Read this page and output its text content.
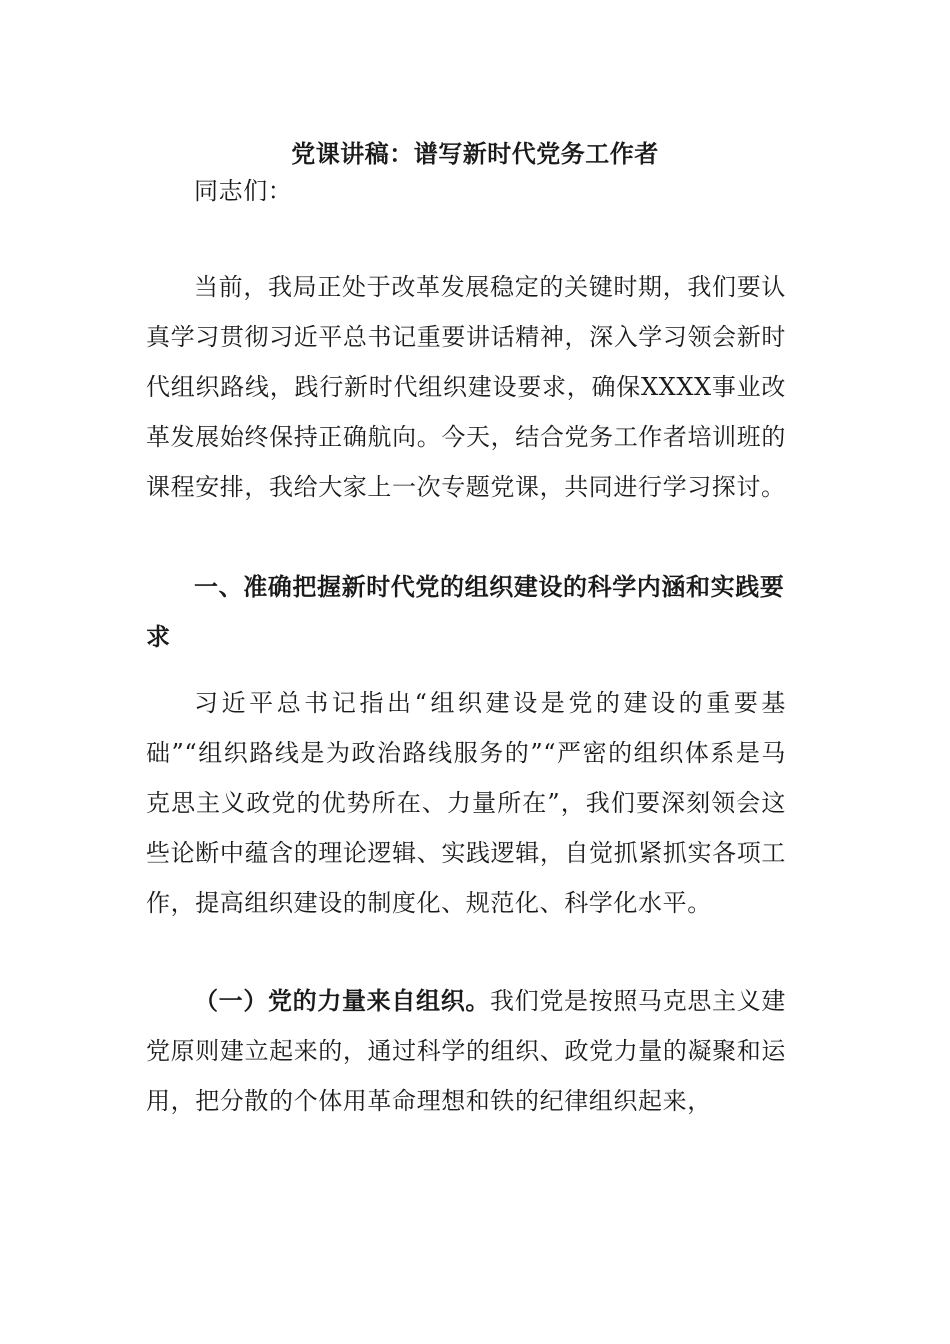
党课讲稿：谱写新时代党务工作者

同志们：

当前，我局正处于改革发展稳定的关键时期，我们要认真学习贯彻习近平总书记重要讲话精神，深入学习领会新时代组织路线，践行新时代组织建设要求，确保XXXX事业改革发展始终保持正确航向。今天，结合党务工作者培训班的课程安排，我给大家上一次专题党课，共同进行学习探讨。

一、准确把握新时代党的组织建设的科学内涵和实践要求

习近平总书记指出“组织建设是党的建设的重要基础”“组织路线是为政治路线服务的”“严密的组织体系是马克思主义政党的优势所在、力量所在”，我们要深刻领会这些论断中蕴含的理论逻辑、实践逻辑，自觉抓紧抓实各项工作，提高组织建设的制度化、规范化、科学化水平。

（一）党的力量来自组织。我们党是按照马克思主义建党原则建立起来的，通过科学的组织、政党力量的凝聚和运用，把分散的个体用革命理想和铁的纪律组织起来，
